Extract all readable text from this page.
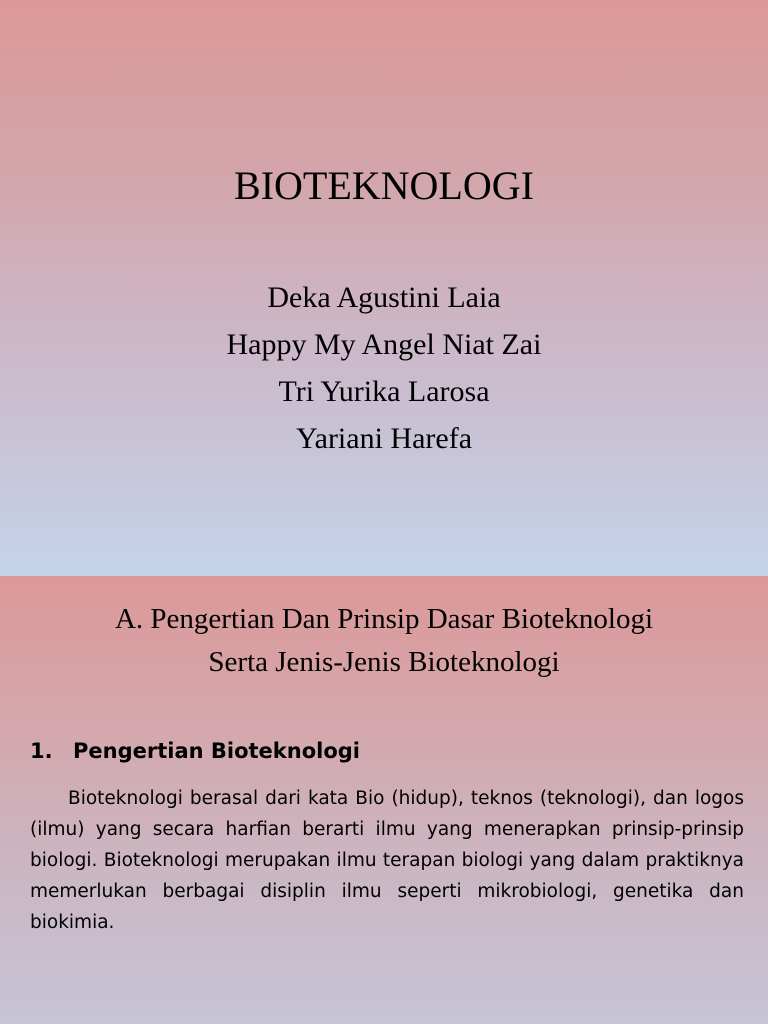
BIOTEKNOLOGI
Deka Agustini Laia
Happy My Angel Niat Zai
Tri Yurika Larosa
Yariani Harefa
A. Pengertian Dan Prinsip Dasar Bioteknologi
Serta Jenis-Jenis Bioteknologi
1. Pengertian Bioteknologi

Bioteknologi berasal dari kata Bio (hidup), teknos (teknologi), dan logos (ilmu) yang secara harfian berarti ilmu yang menerapkan prinsip-prinsip biologi. Bioteknologi merupakan ilmu terapan biologi yang dalam praktiknya memerlukan berbagai disiplin ilmu seperti mikrobiologi, genetika dan biokimia.
